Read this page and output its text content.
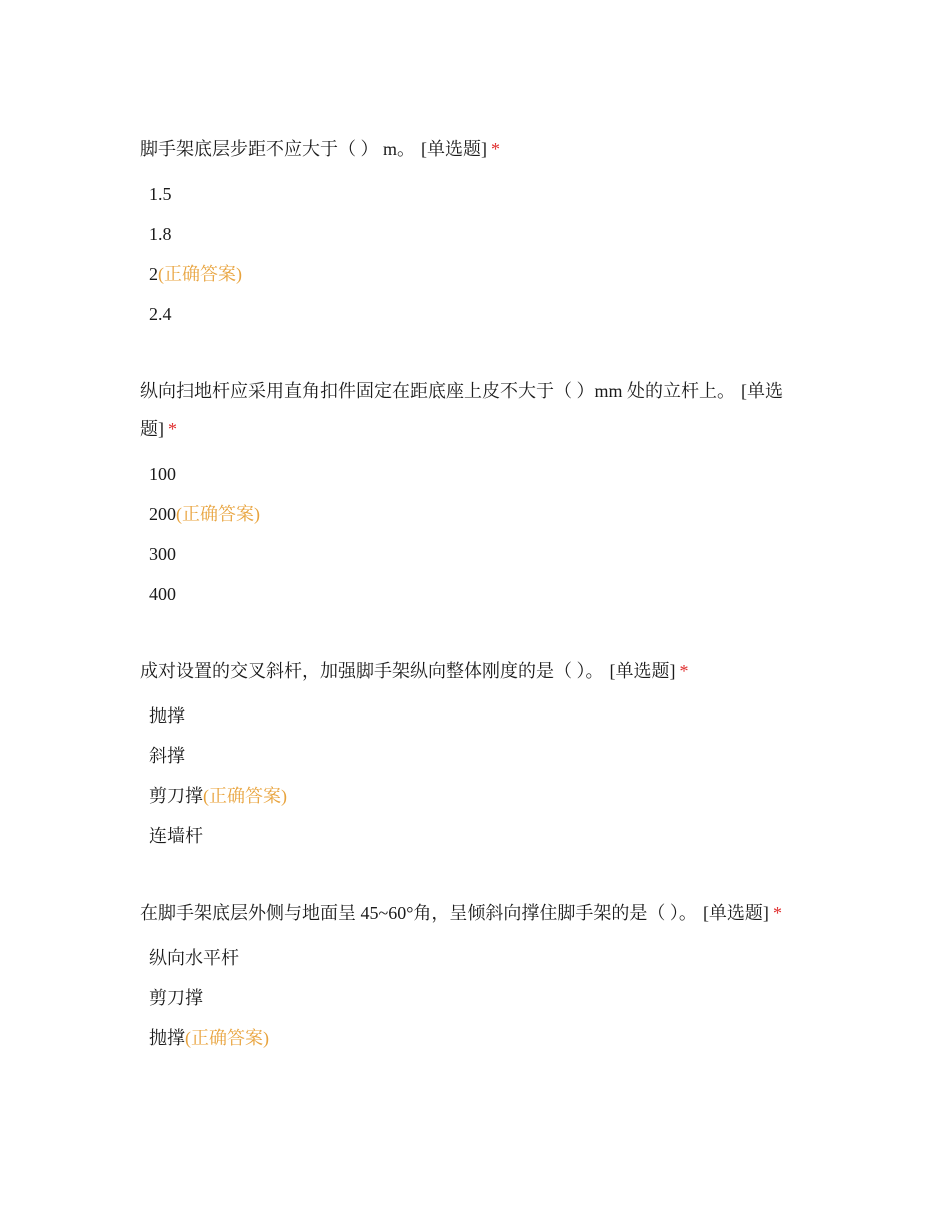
脚手架底层步距不应大于（ ） m。 [单选题] *

1.5
1.8
2(正确答案)
2.4

纵向扫地杆应采用直角扣件固定在距底座上皮不大于（ ）mm 处的立杆上。 [单选题] *

100
200(正确答案)
300
400

成对设置的交叉斜杆，加强脚手架纵向整体刚度的是（ ）。 [单选题] *

抛撑
斜撑
剪刀撑(正确答案)
连墙杆

在脚手架底层外侧与地面呈 45~60°角，呈倾斜向撑住脚手架的是（ ）。 [单选题] *

纵向水平杆
剪刀撑
抛撑(正确答案)
